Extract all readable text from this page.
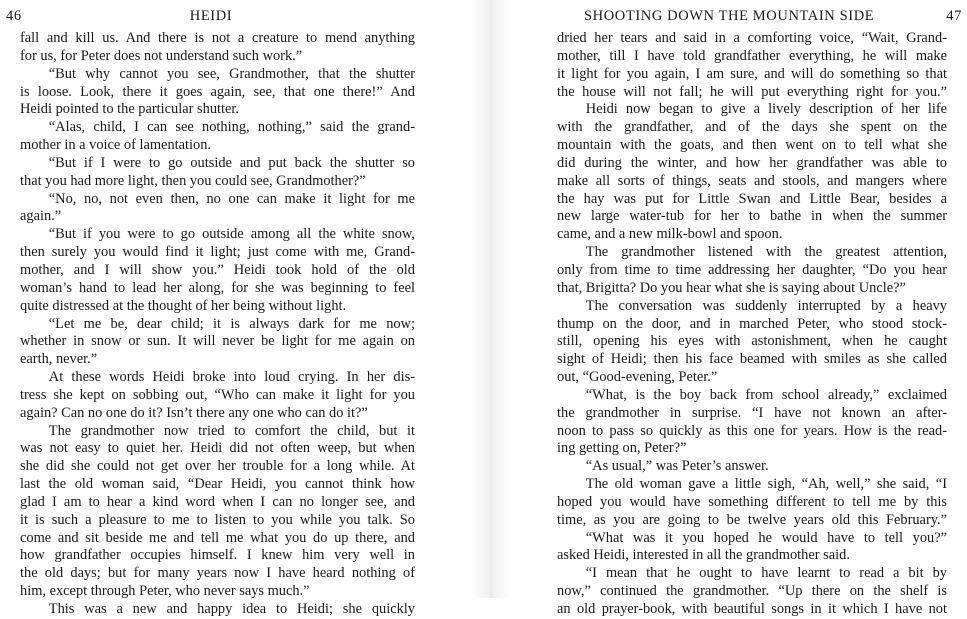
46	HEIDI
fall and kill us. And there is not a creature to mend anything
for us, for Peter does not understand such work.”
“But why cannot you see, Grandmother, that the shutter
is loose. Look, there it goes again, see, that one there!” And
Heidi pointed to the particular shutter.
“Alas, child, I can see nothing, nothing,” said the grand-
mother in a voice of lamentation.
“But if I were to go outside and put back the shutter so
that you had more light, then you could see, Grandmother?”
“No, no, not even then, no one can make it light for me
again.”
“But if you were to go outside among all the white snow,
then surely you would find it light; just come with me, Grand-
mother, and I will show you.” Heidi took hold of the old
woman’s hand to lead her along, for she was beginning to feel
quite distressed at the thought of her being without light.
“Let me be, dear child; it is always dark for me now;
whether in snow or sun. It will never be light for me again on
earth, never.”
At these words Heidi broke into loud crying. In her dis-
tress she kept on sobbing out, “Who can make it light for you
again? Can no one do it? Isn’t there any one who can do it?”
The grandmother now tried to comfort the child, but it
was not easy to quiet her. Heidi did not often weep, but when
she did she could not get over her trouble for a long while. At
last the old woman said, “Dear Heidi, you cannot think how
glad I am to hear a kind word when I can no longer see, and
it is such a pleasure to me to listen to you while you talk. So
come and sit beside me and tell me what you do up there, and
how grandfather occupies himself. I knew him very well in
the old days; but for many years now I have heard nothing of
him, except through Peter, who never says much.”
This was a new and happy idea to Heidi; she quickly
SHOOTING DOWN THE MOUNTAIN SIDE	47
dried her tears and said in a comforting voice, “Wait, Grand-
mother, till I have told grandfather everything, he will make
it light for you again, I am sure, and will do something so that
the house will not fall; he will put everything right for you.”
Heidi now began to give a lively description of her life
with the grandfather, and of the days she spent on the
mountain with the goats, and then went on to tell what she
did during the winter, and how her grandfather was able to
make all sorts of things, seats and stools, and mangers where
the hay was put for Little Swan and Little Bear, besides a
new large water-tub for her to bathe in when the summer
came, and a new milk-bowl and spoon.
The grandmother listened with the greatest attention,
only from time to time addressing her daughter, “Do you hear
that, Brigitta? Do you hear what she is saying about Uncle?”
The conversation was suddenly interrupted by a heavy
thump on the door, and in marched Peter, who stood stock-
still, opening his eyes with astonishment, when he caught
sight of Heidi; then his face beamed with smiles as she called
out, “Good-evening, Peter.”
“What, is the boy back from school already,” exclaimed
the grandmother in surprise. “I have not known an after-
noon to pass so quickly as this one for years. How is the read-
ing getting on, Peter?”
“As usual,” was Peter’s answer.
The old woman gave a little sigh, “Ah, well,” she said, “I
hoped you would have something different to tell me by this
time, as you are going to be twelve years old this February.”
“What was it you hoped he would have to tell you?”
asked Heidi, interested in all the grandmother said.
“I mean that he ought to have learnt to read a bit by
now,” continued the grandmother. “Up there on the shelf is
an old prayer-book, with beautiful songs in it which I have not
